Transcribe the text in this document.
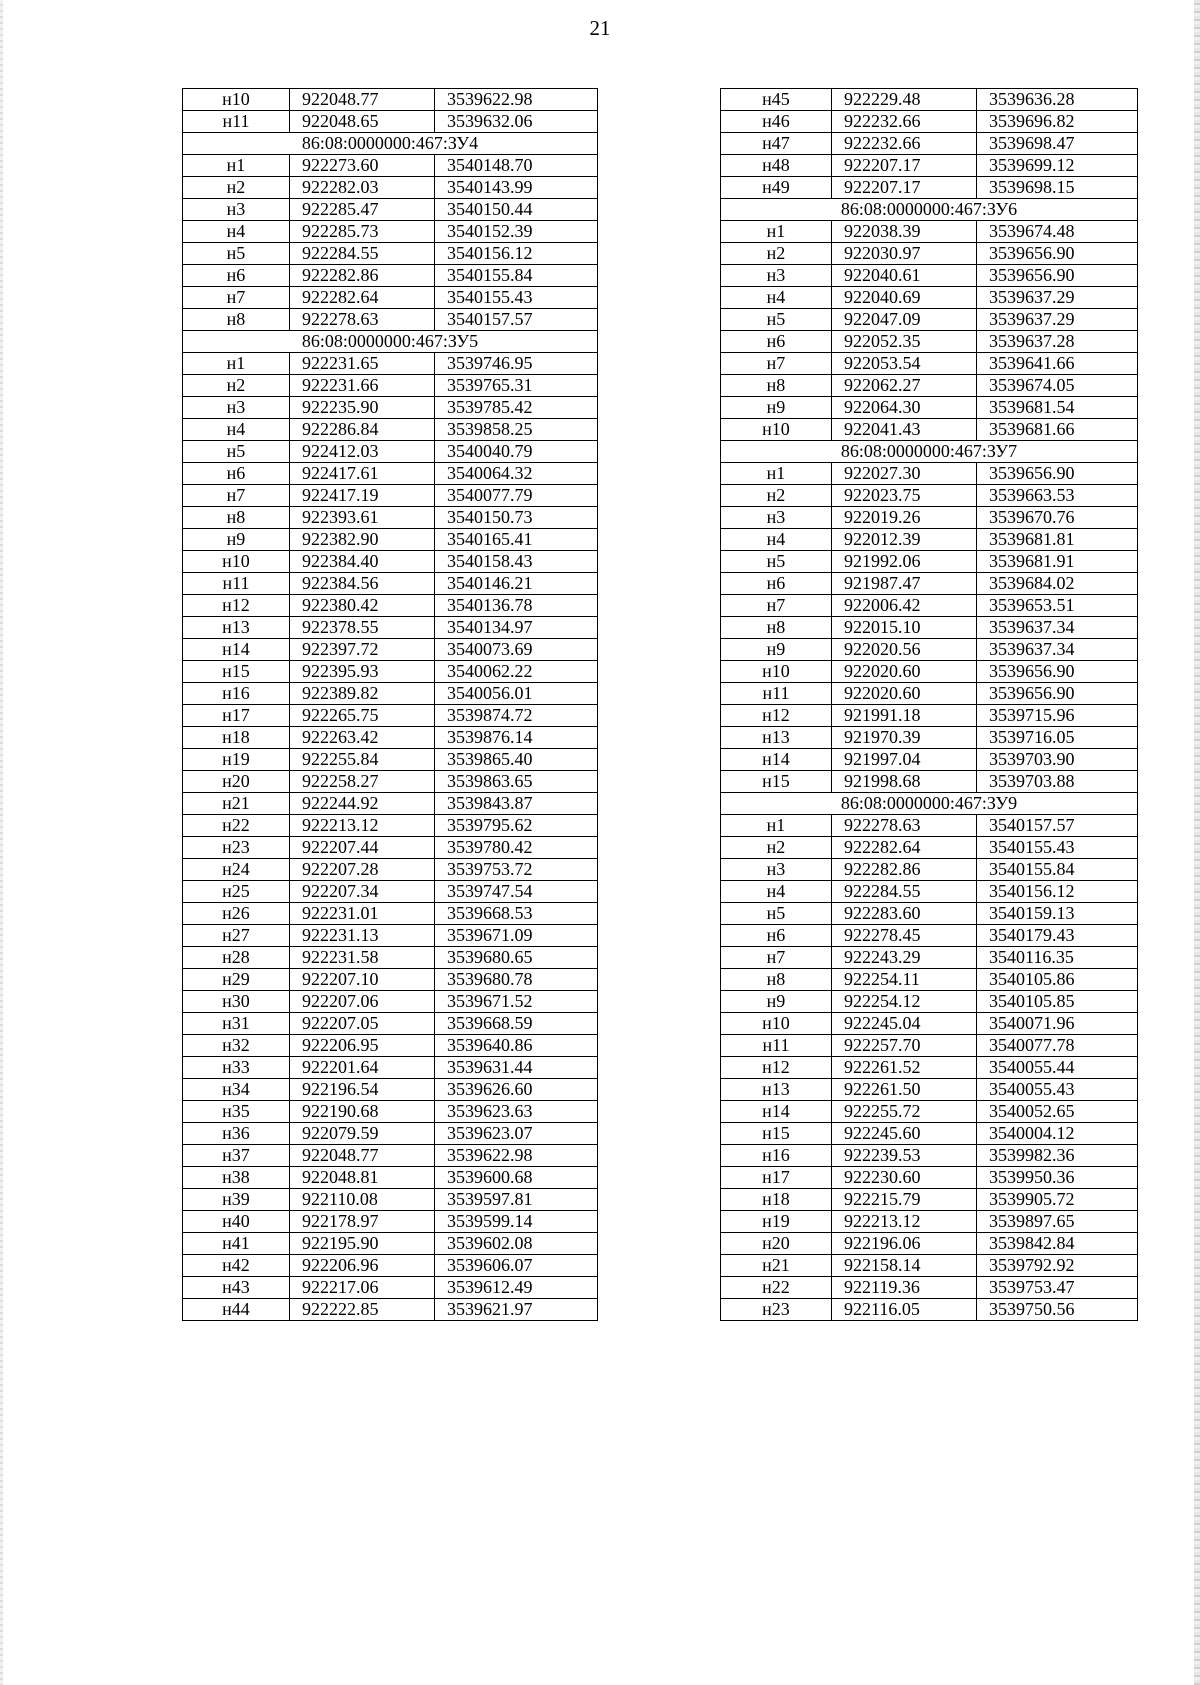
21
н10	922048.77	3539622.98
н11	922048.65	3539632.06
86:08:0000000:467:ЗУ4		
н1	922273.60	3540148.70
н2	922282.03	3540143.99
н3	922285.47	3540150.44
н4	922285.73	3540152.39
н5	922284.55	3540156.12
н6	922282.86	3540155.84
н7	922282.64	3540155.43
н8	922278.63	3540157.57
86:08:0000000:467:ЗУ5		
н1	922231.65	3539746.95
н2	922231.66	3539765.31
н3	922235.90	3539785.42
н4	922286.84	3539858.25
н5	922412.03	3540040.79
н6	922417.61	3540064.32
н7	922417.19	3540077.79
н8	922393.61	3540150.73
н9	922382.90	3540165.41
н10	922384.40	3540158.43
н11	922384.56	3540146.21
н12	922380.42	3540136.78
н13	922378.55	3540134.97
н14	922397.72	3540073.69
н15	922395.93	3540062.22
н16	922389.82	3540056.01
н17	922265.75	3539874.72
н18	922263.42	3539876.14
н19	922255.84	3539865.40
н20	922258.27	3539863.65
н21	922244.92	3539843.87
н22	922213.12	3539795.62
н23	922207.44	3539780.42
н24	922207.28	3539753.72
н25	922207.34	3539747.54
н26	922231.01	3539668.53
н27	922231.13	3539671.09
н28	922231.58	3539680.65
н29	922207.10	3539680.78
н30	922207.06	3539671.52
н31	922207.05	3539668.59
н32	922206.95	3539640.86
н33	922201.64	3539631.44
н34	922196.54	3539626.60
н35	922190.68	3539623.63
н36	922079.59	3539623.07
н37	922048.77	3539622.98
н38	922048.81	3539600.68
н39	922110.08	3539597.81
н40	922178.97	3539599.14
н41	922195.90	3539602.08
н42	922206.96	3539606.07
н43	922217.06	3539612.49
н44	922222.85	3539621.97
н45	922229.48	3539636.28
н46	922232.66	3539696.82
н47	922232.66	3539698.47
н48	922207.17	3539699.12
н49	922207.17	3539698.15
86:08:0000000:467:ЗУ6		
н1	922038.39	3539674.48
н2	922030.97	3539656.90
н3	922040.61	3539656.90
н4	922040.69	3539637.29
н5	922047.09	3539637.29
н6	922052.35	3539637.28
н7	922053.54	3539641.66
н8	922062.27	3539674.05
н9	922064.30	3539681.54
н10	922041.43	3539681.66
86:08:0000000:467:ЗУ7		
н1	922027.30	3539656.90
н2	922023.75	3539663.53
н3	922019.26	3539670.76
н4	922012.39	3539681.81
н5	921992.06	3539681.91
н6	921987.47	3539684.02
н7	922006.42	3539653.51
н8	922015.10	3539637.34
н9	922020.56	3539637.34
н10	922020.60	3539656.90
н11	922020.60	3539656.90
н12	921991.18	3539715.96
н13	921970.39	3539716.05
н14	921997.04	3539703.90
н15	921998.68	3539703.88
86:08:0000000:467:ЗУ9		
н1	922278.63	3540157.57
н2	922282.64	3540155.43
н3	922282.86	3540155.84
н4	922284.55	3540156.12
н5	922283.60	3540159.13
н6	922278.45	3540179.43
н7	922243.29	3540116.35
н8	922254.11	3540105.86
н9	922254.12	3540105.85
н10	922245.04	3540071.96
н11	922257.70	3540077.78
н12	922261.52	3540055.44
н13	922261.50	3540055.43
н14	922255.72	3540052.65
н15	922245.60	3540004.12
н16	922239.53	3539982.36
н17	922230.60	3539950.36
н18	922215.79	3539905.72
н19	922213.12	3539897.65
н20	922196.06	3539842.84
н21	922158.14	3539792.92
н22	922119.36	3539753.47
н23	922116.05	3539750.56
